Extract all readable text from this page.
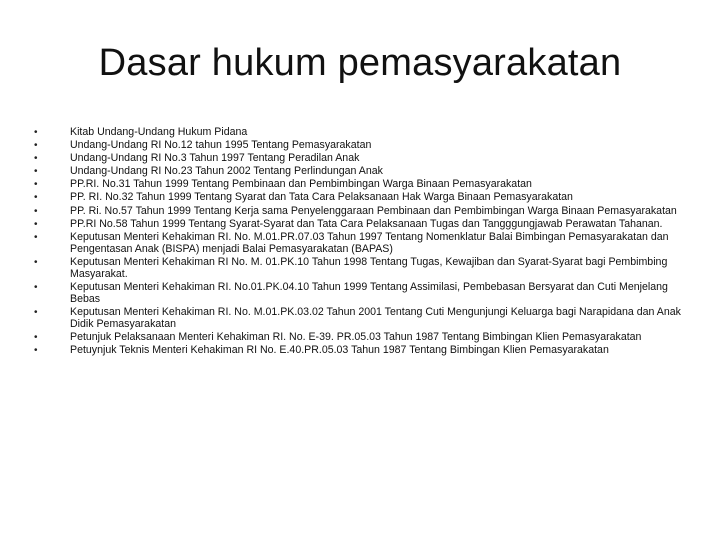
Dasar hukum pemasyarakatan
•	Kitab Undang-Undang Hukum Pidana
•	Undang-Undang RI No.12 tahun 1995 Tentang Pemasyarakatan
•	Undang-Undang RI No.3 Tahun 1997 Tentang Peradilan Anak
•	Undang-Undang RI No.23 Tahun 2002 Tentang Perlindungan Anak
•	PP.RI. No.31 Tahun 1999 Tentang Pembinaan dan Pembimbingan Warga Binaan Pemasyarakatan
•	PP. RI. No.32 Tahun 1999 Tentang Syarat dan Tata Cara Pelaksanaan Hak Warga Binaan Pemasyarakatan
•	PP. Ri. No.57 Tahun 1999 Tentang Kerja sama Penyelenggaraan Pembinaan dan Pembimbingan Warga Binaan Pemasyarakatan
•	PP.RI No.58 Tahun 1999 Tentang Syarat-Syarat dan Tata Cara Pelaksanaan Tugas dan Tangggungjawab Perawatan Tahanan.
•	Keputusan Menteri Kehakiman RI. No. M.01.PR.07.03 Tahun 1997 Tentang Nomenklatur Balai Bimbingan Pemasyarakatan dan Pengentasan Anak (BISPA) menjadi Balai Pemasyarakatan (BAPAS)
•	Keputusan Menteri Kehakiman RI No. M. 01.PK.10 Tahun 1998 Tentang Tugas, Kewajiban dan Syarat-Syarat bagi Pembimbing Masyarakat.
•	Keputusan Menteri Kehakiman RI. No.01.PK.04.10 Tahun 1999 Tentang Assimilasi, Pembebasan Bersyarat dan Cuti Menjelang Bebas
•	Keputusan Menteri Kehakiman RI. No. M.01.PK.03.02 Tahun 2001 Tentang Cuti Mengunjungi Keluarga bagi Narapidana dan Anak Didik Pemasyarakatan
•	Petunjuk Pelaksanaan Menteri Kehakiman RI. No. E-39. PR.05.03 Tahun 1987 Tentang Bimbingan Klien Pemasyarakatan
•	Petuynjuk Teknis Menteri Kehakiman RI No. E.40.PR.05.03 Tahun 1987 Tentang Bimbingan Klien Pemasyarakatan
